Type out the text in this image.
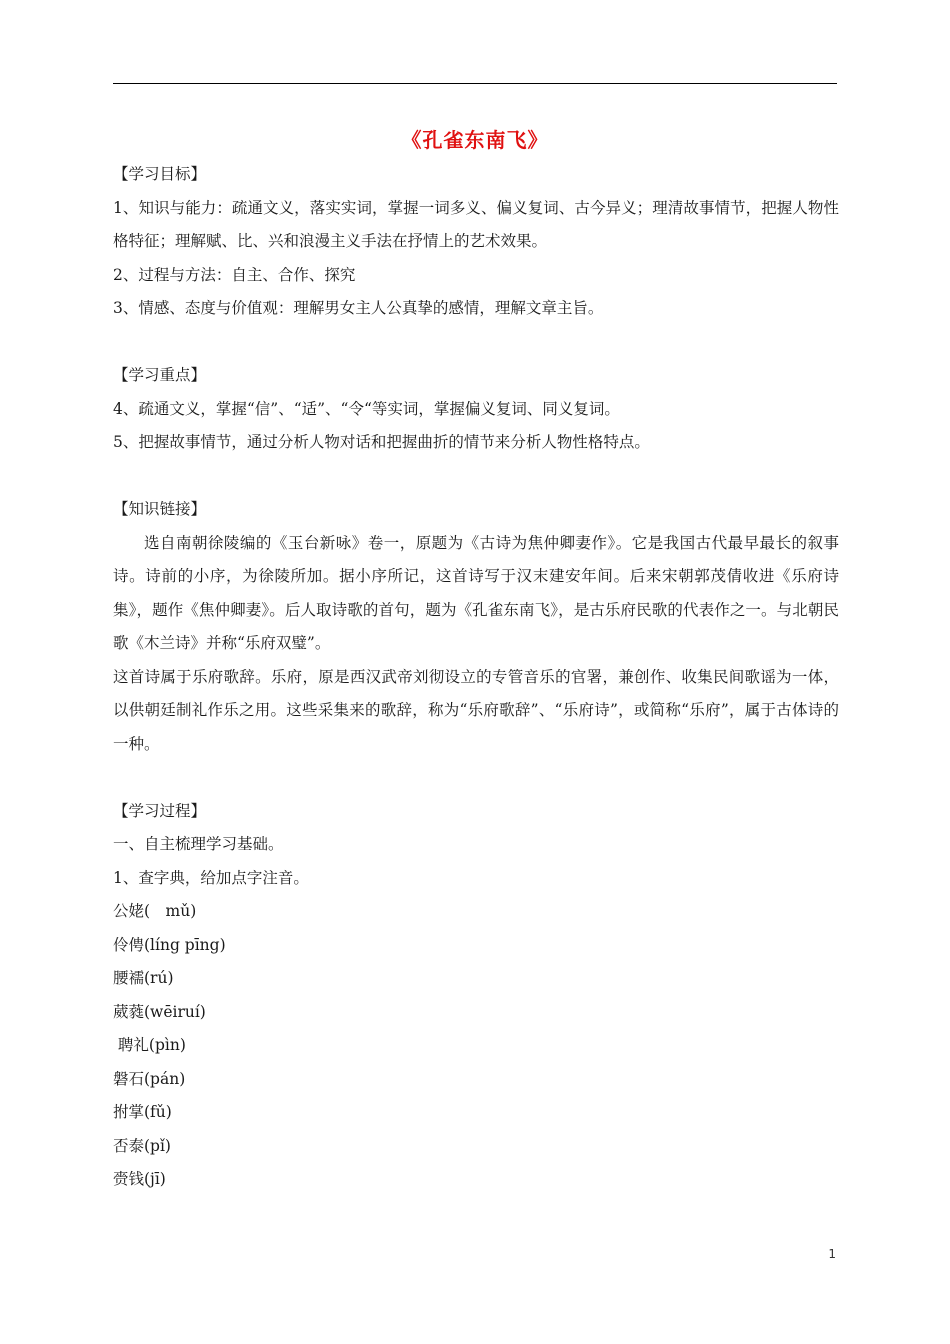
《孔雀东南飞》
【学习目标】
1、知识与能力：疏通文义，落实实词，掌握一词多义、偏义复词、古今异义；理清故事情节，把握人物性格特征；理解赋、比、兴和浪漫主义手法在抒情上的艺术效果。
2、过程与方法：自主、合作、探究
3、情感、态度与价值观：理解男女主人公真挚的感情，理解文章主旨。
【学习重点】
4、疏通文义，掌握“信”、“适”、“令“等实词，掌握偏义复词、同义复词。
5、把握故事情节，通过分析人物对话和把握曲折的情节来分析人物性格特点。
【知识链接】
选自南朝徐陵编的《玉台新咏》卷一，原题为《古诗为焦仲卿妻作》。它是我国古代最早最长的叙事诗。诗前的小序，为徐陵所加。据小序所记，这首诗写于汉末建安年间。后来宋朝郭茂倩收进《乐府诗集》，题作《焦仲卿妻》。后人取诗歌的首句，题为《孔雀东南飞》，是古乐府民歌的代表作之一。与北朝民歌《木兰诗》并称“乐府双璧”。
这首诗属于乐府歌辞。乐府，原是西汉武帝刘彻设立的专管音乐的官署，兼创作、收集民间歌谣为一体，以供朝廷制礼作乐之用。这些采集来的歌辞，称为“乐府歌辞”、“乐府诗”，或简称“乐府”，属于古体诗的一种。
【学习过程】
一、自主梳理学习基础。
1、查字典，给加点字注音。
公姥(　mǔ)
伶俜(líng pīng)
腰襦(rú)
葳蕤(wēiruí)
聘礼(pìn)
磐石(pán)
拊掌(fǔ)
否泰(pǐ)
赍钱(jī)
1
